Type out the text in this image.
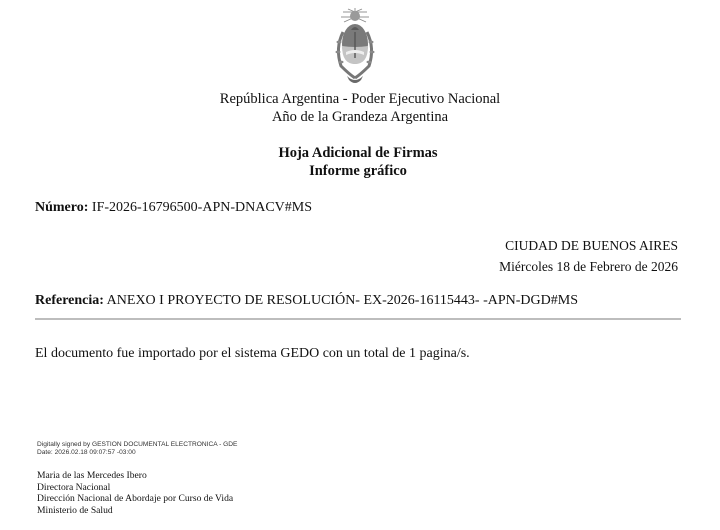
República Argentina - Poder Ejecutivo Nacional

Año de la Grandeza Argentina

Hoja Adicional de Firmas

Informe gráfico

Número: IF-2026-16796500-APN-DNACV#MS

CIUDAD DE BUENOS AIRES

Miércoles 18 de Febrero de 2026

Referencia: ANEXO I PROYECTO DE RESOLUCIÓN- EX-2026-16115443- -APN-DGD#MS

El documento fue importado por el sistema GEDO con un total de 1 pagina/s.

Digitally signed by GESTION DOCUMENTAL ELECTRONICA - GDE
Date: 2026.02.18 09:07:57 -03:00
Maria de las Mercedes Ibero
Directora Nacional
Dirección Nacional de Abordaje por Curso de Vida
Ministerio de Salud
